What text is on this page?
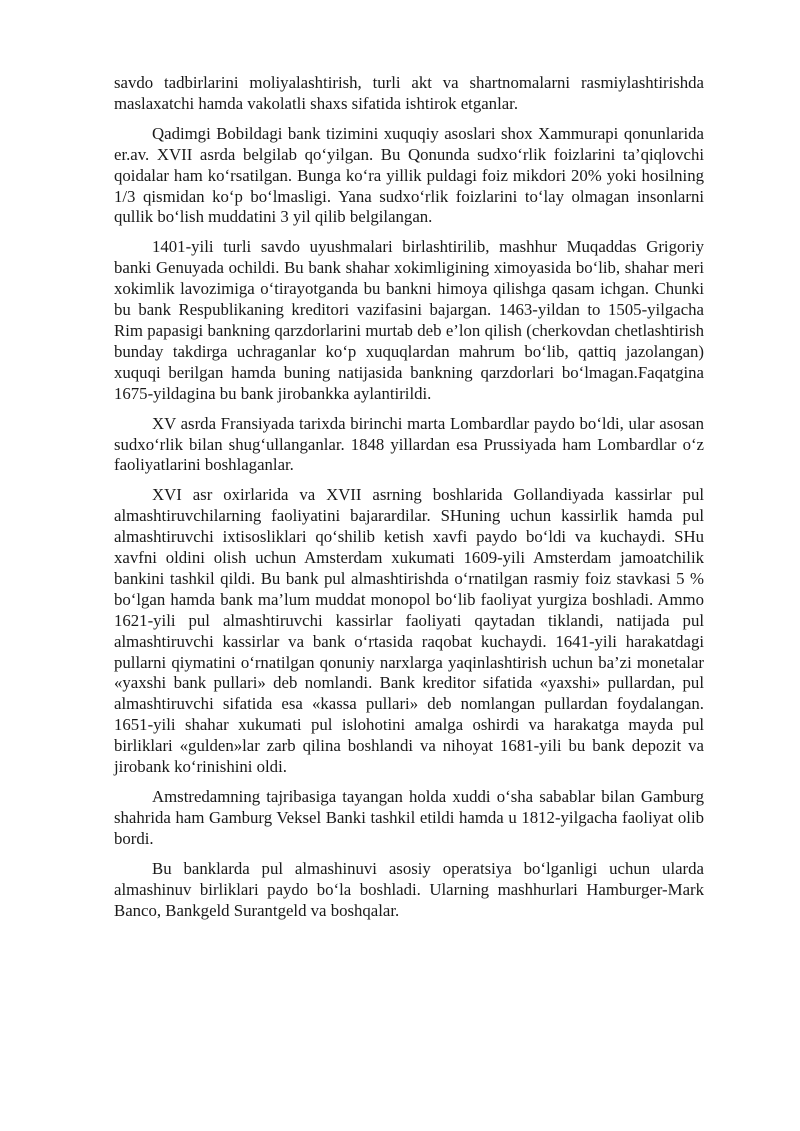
savdo tadbirlarini moliyalashtirish, turli akt va shartnomalarni rasmiylashtirishda maslaxatchi hamda vakolatli shaxs sifatida ishtirok etganlar.

Qadimgi Bobildagi bank tizimini xuquqiy asoslari shox Xammurapi qonunlarida er.av. XVII asrda belgilab qo‘yilgan. Bu Qonunda sudxo‘rlik foizlarini ta’qiqlovchi qoidalar ham ko‘rsatilgan. Bunga ko‘ra yillik puldagi foiz mikdori 20% yoki hosilning 1/3 qismidan ko‘p bo‘lmasligi. Yana sudxo‘rlik foizlarini to‘lay olmagan insonlarni qullik bo‘lish muddatini 3 yil qilib belgilangan.

1401-yili turli savdo uyushmalari birlashtirilib, mashhur Muqaddas Grigoriy banki Genuyada ochildi. Bu bank shahar xokimligining ximoyasida bo‘lib, shahar meri xokimlik lavozimiga o‘tirayotganda bu bankni himoya qilishga qasam ichgan. Chunki bu bank Respublikaning kreditori vazifasini bajargan. 1463-yildan to 1505-yilgacha Rim papasigi bankning qarzdorlarini murtab deb e’lon qilish (cherkovdan chetlashtirish bunday takdirga uchraganlar ko‘p xuquqlardan mahrum bo‘lib, qattiq jazolangan) xuquqi berilgan hamda buning natijasida bankning qarzdorlari bo‘lmagan.Faqatgina 1675-yildagina bu bank jirobankka aylantirildi.

XV asrda Fransiyada tarixda birinchi marta Lombardlar paydo bo‘ldi, ular asosan sudxo‘rlik bilan shug‘ullanganlar. 1848 yillardan esa Prussiyada ham Lombardlar o‘z faoliyatlarini boshlaganlar.

XVI asr oxirlarida va XVII asrning boshlarida Gollandiyada kassirlar pul almashtiruvchilarning faoliyatini bajarardilar. SHuning uchun kassirlik hamda pul almashtiruvchi ixtisosliklari qo‘shilib ketish xavfi paydo bo‘ldi va kuchaydi. SHu xavfni oldini olish uchun Amsterdam xukumati 1609-yili Amsterdam jamoatchilik bankini tashkil qildi. Bu bank pul almashtirishda o‘rnatilgan rasmiy foiz stavkasi 5 % bo‘lgan hamda bank ma’lum muddat monopol bo‘lib faoliyat yurgiza boshladi. Ammo 1621-yili pul almashtiruvchi kassirlar faoliyati qaytadan tiklandi, natijada pul almashtiruvchi kassirlar va bank o‘rtasida raqobat kuchaydi. 1641-yili harakatdagi pullarni qiymatini o‘rnatilgan qonuniy narxlarga yaqinlashtirish uchun ba’zi monetalar «yaxshi bank pullari» deb nomlandi. Bank kreditor sifatida «yaxshi» pullardan, pul almashtiruvchi sifatida esa «kassa pullari» deb nomlangan pullardan foydalangan. 1651-yili shahar xukumati pul islohotini amalga oshirdi va harakatga mayda pul birliklari «gulden»lar zarb qilina boshlandi va nihoyat 1681-yili bu bank depozit va jirobank ko‘rinishini oldi.

Amstredamning tajribasiga tayangan holda xuddi o‘sha sabablar bilan Gamburg shahrida ham Gamburg Veksel Banki tashkil etildi hamda u 1812-yilgacha faoliyat olib bordi.

Bu banklarda pul almashinuvi asosiy operatsiya bo‘lganligi uchun ularda almashinuv birliklari paydo bo‘la boshladi. Ularning mashhurlari Hamburger-Mark Banco, Bankgeld Surantgeld va boshqalar.
